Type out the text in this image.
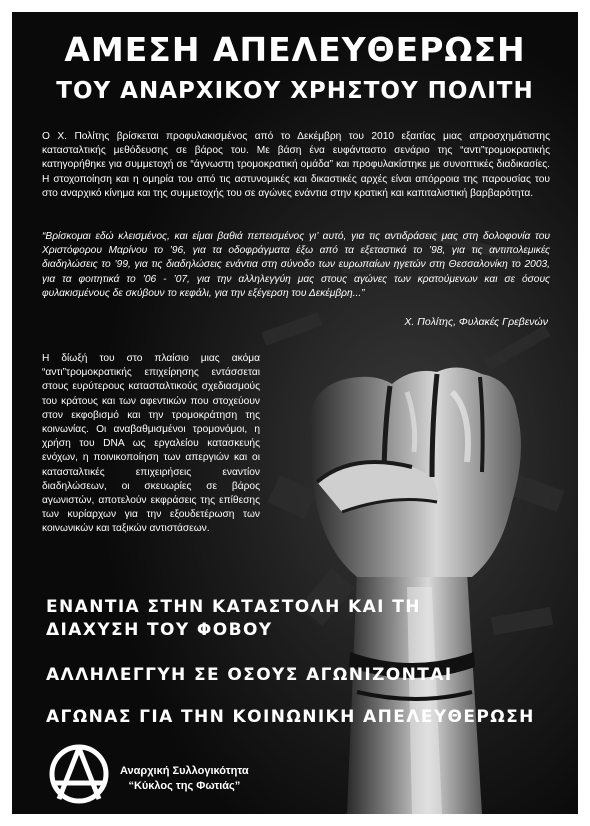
ΑΜΕΣΗ ΑΠΕΛΕΥΘΕΡΩΣΗ
ΤΟΥ ΑΝΑΡΧΙΚΟΥ ΧΡΗΣΤΟΥ ΠΟΛΙΤΗ

Ο Χ. Πολίτης βρίσκεται προφυλακισμένος από το Δεκέμβρη του 2010 εξαιτίας μιας απροσχημάτιστης κατασταλτικής μεθόδευσης σε βάρος του. Με βάση ένα ευφάνταστο σενάριο της “αντι”τρομοκρατικής κατηγορήθηκε για συμμετοχή σε “άγνωστη τρομοκρατική ομάδα” και προφυλακίστηκε με συνοπτικές διαδικασίες. Η στοχοποίηση και η ομηρία του από τις αστυνομικές και δικαστικές αρχές είναι απόρροια της παρουσίας του στο αναρχικό κίνημα και της συμμετοχής του σε αγώνες ενάντια στην κρατική και καπιταλιστική βαρβαρότητα.

“Βρίσκομαι εδώ κλεισμένος, και είμαι βαθιά πεπεισμένος γι’ αυτό, για τις αντιδράσεις μας στη δολοφονία του Χριστόφορου Μαρίνου το ’96, για τα οδοφράγματα έξω από τα εξεταστικά το ’98, για τις αντιπολεμικές διαδηλώσεις το ’99, για τις διαδηλώσεις ενάντια στη σύνοδο των ευρωπαίων ηγετών στη Θεσσαλονίκη το 2003, για τα φοιτητικά το ’06 - ’07, για την αλληλεγγύη μας στους αγώνες των κρατούμενων και σε όσους φυλακισμένους δε σκύβουν το κεφάλι, για την εξέγερση του Δεκέμβρη...”

Χ. Πολίτης, Φυλακές Γρεβενών

Η δίωξή του στο πλαίσιο μιας ακόμα “αντι”τρομοκρατικής επιχείρησης εντάσσεται στους ευρύτερους κατασταλτικούς σχεδιασμούς του κράτους και των αφεντικών που στοχεύουν στον εκφοβισμό και την τρομοκράτηση της κοινωνίας. Οι αναβαθμισμένοι τρομονόμοι, η χρήση του DNA ως εργαλείου κατασκευής ενόχων, η ποινικοποίηση των απεργιών και οι κατασταλτικές επιχειρήσεις εναντίον διαδηλώσεων, οι σκευωρίες σε βάρος αγωνιστών, αποτελούν εκφράσεις της επίθεσης των κυρίαρχων για την εξουδετέρωση των κοινωνικών και ταξικών αντιστάσεων.

ΕΝΑΝΤΙΑ ΣΤΗΝ ΚΑΤΑΣΤΟΛΗ ΚΑΙ ΤΗ
ΔΙΑΧΥΣΗ ΤΟΥ ΦΟΒΟΥ
ΑΛΛΗΛΕΓΓΥΗ ΣΕ ΟΣΟΥΣ ΑΓΩΝΙΖΟΝΤΑΙ
ΑΓΩΝΑΣ ΓΙΑ ΤΗΝ ΚΟΙΝΩΝΙΚΗ ΑΠΕΛΕΥΘΕΡΩΣΗ
Αναρχική Συλλογικότητα
“Κύκλος της Φωτιάς”
